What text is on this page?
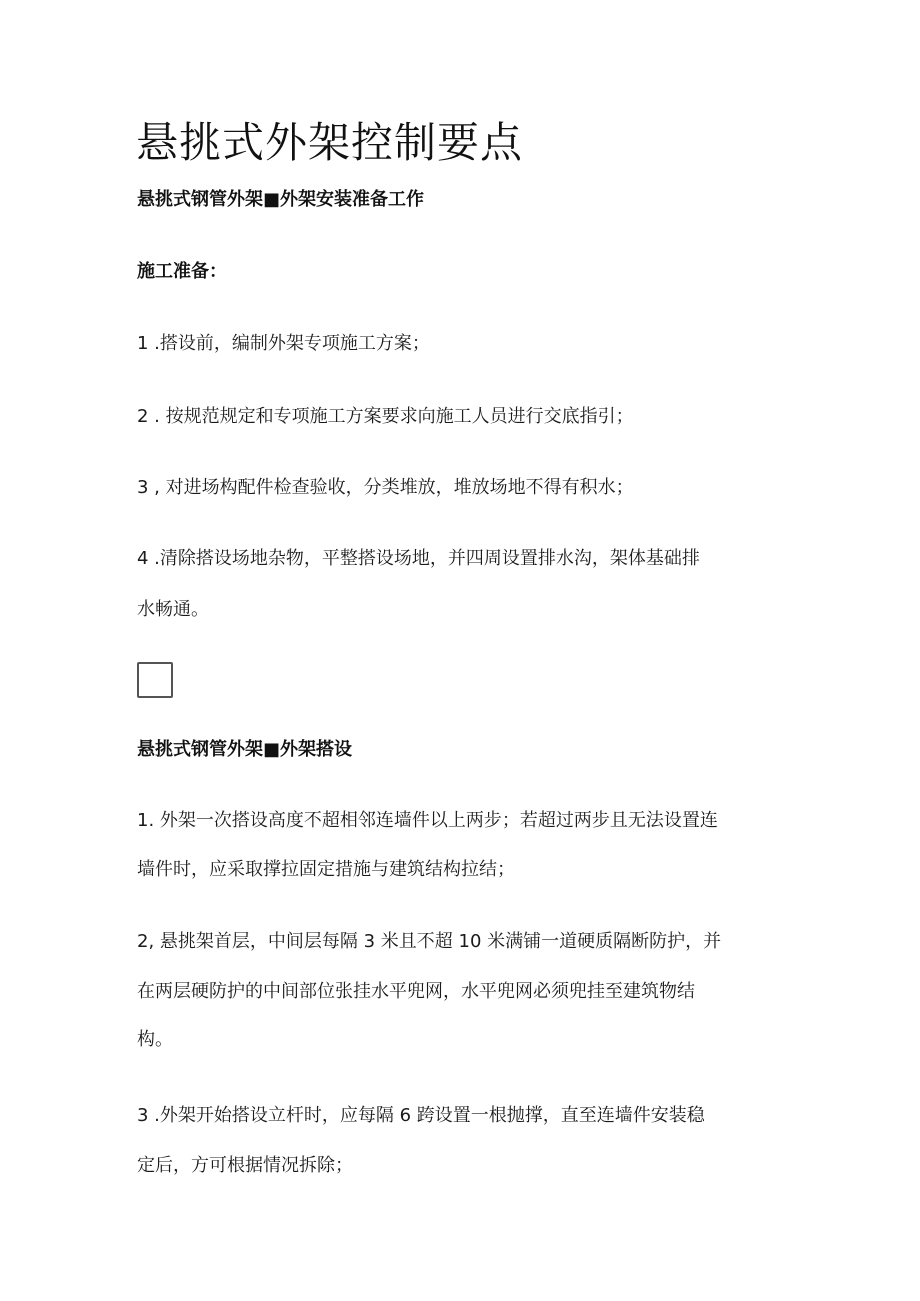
悬挑式外架控制要点
悬挑式钢管外架■外架安装准备工作
施工准备：
1 .搭设前，编制外架专项施工方案；
2 . 按规范规定和专项施工方案要求向施工人员进行交底指引；
3 , 对进场构配件检查验收，分类堆放，堆放场地不得有积水；
4 .清除搭设场地杂物，平整搭设场地，并四周设置排水沟，架体基础排
水畅通。
悬挑式钢管外架■外架搭设
1. 外架一次搭设高度不超相邻连墙件以上两步；若超过两步且无法设置连
墙件时，应采取撑拉固定措施与建筑结构拉结；
2, 悬挑架首层，中间层每隔 3 米且不超 10 米满铺一道硬质隔断防护，并
在两层硬防护的中间部位张挂水平兜网，水平兜网必须兜挂至建筑物结
构。
3 .外架开始搭设立杆时，应每隔 6 跨设置一根抛撑，直至连墙件安装稳
定后，方可根据情况拆除；
